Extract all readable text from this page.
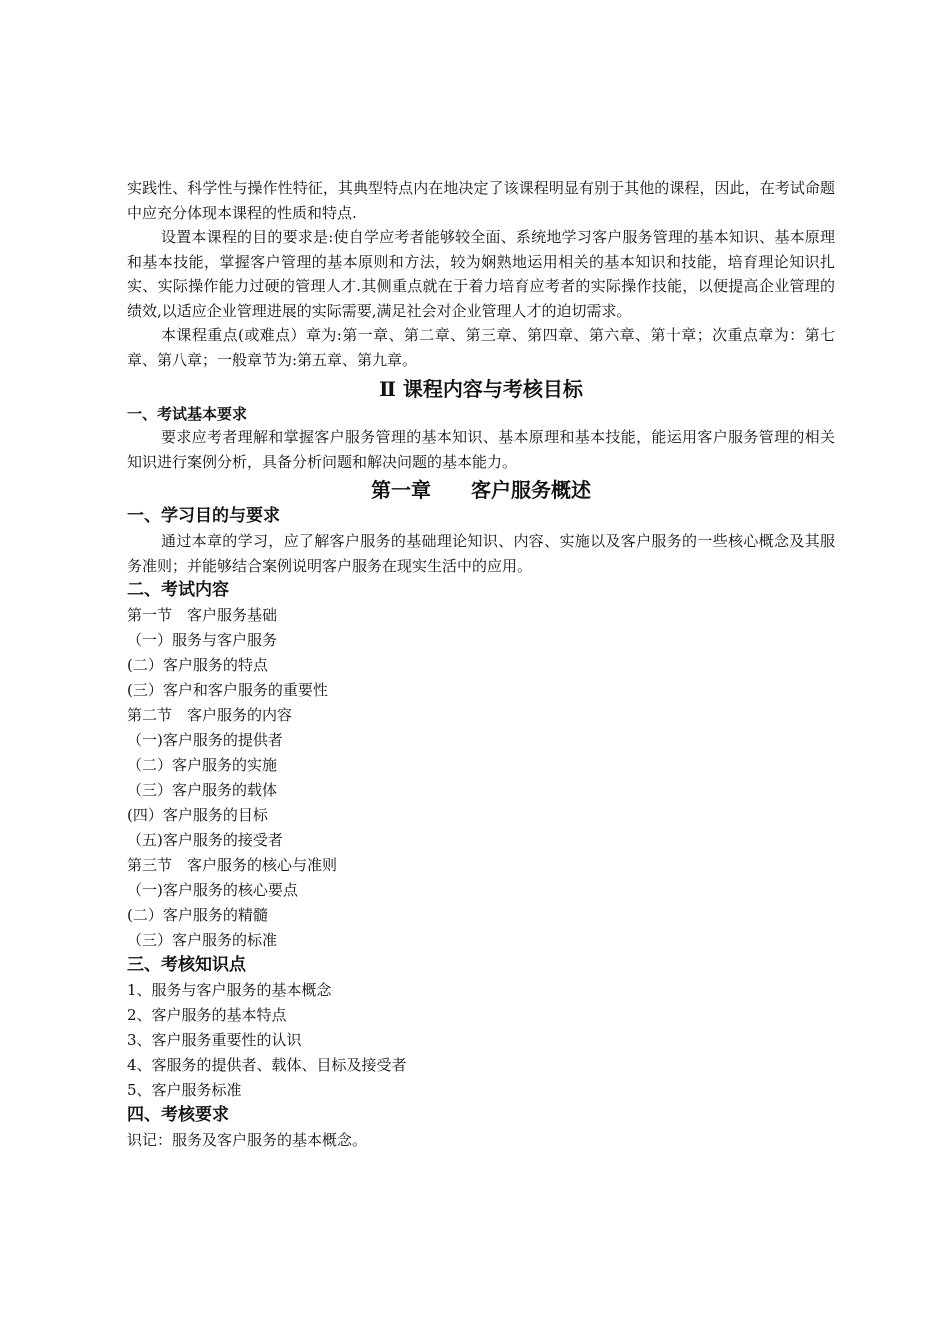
实践性、科学性与操作性特征，其典型特点内在地决定了该课程明显有别于其他的课程，因此，在考试命题中应充分体现本课程的性质和特点.

设置本课程的目的要求是:使自学应考者能够较全面、系统地学习客户服务管理的基本知识、基本原理和基本技能，掌握客户管理的基本原则和方法，较为娴熟地运用相关的基本知识和技能，培育理论知识扎实、实际操作能力过硬的管理人才.其侧重点就在于着力培育应考者的实际操作技能，以便提高企业管理的绩效,以适应企业管理进展的实际需要,满足社会对企业管理人才的迫切需求。

本课程重点(或难点）章为:第一章、第二章、第三章、第四章、第六章、第十章；次重点章为：第七章、第八章；一般章节为:第五章、第九章。

Ⅱ 课程内容与考核目标
一、考试基本要求

要求应考者理解和掌握客户服务管理的基本知识、基本原理和基本技能，能运用客户服务管理的相关知识进行案例分析，具备分析问题和解决问题的基本能力。

第一章　　客户服务概述
一、学习目的与要求

通过本章的学习，应了解客户服务的基础理论知识、内容、实施以及客户服务的一些核心概念及其服务准则；并能够结合案例说明客户服务在现实生活中的应用。

二、考试内容
第一节　客户服务基础
（一）服务与客户服务
(二）客户服务的特点
(三）客户和客户服务的重要性
第二节　客户服务的内容
（一)客户服务的提供者
（二）客户服务的实施
（三）客户服务的载体
(四）客户服务的目标
（五)客户服务的接受者
第三节　客户服务的核心与准则
（一)客户服务的核心要点
(二）客户服务的精髓
（三）客户服务的标准
三、考核知识点
1、服务与客户服务的基本概念
2、客户服务的基本特点
3、客户服务重要性的认识
4、客服务的提供者、载体、目标及接受者
5、客户服务标准
四、考核要求
识记：服务及客户服务的基本概念。
